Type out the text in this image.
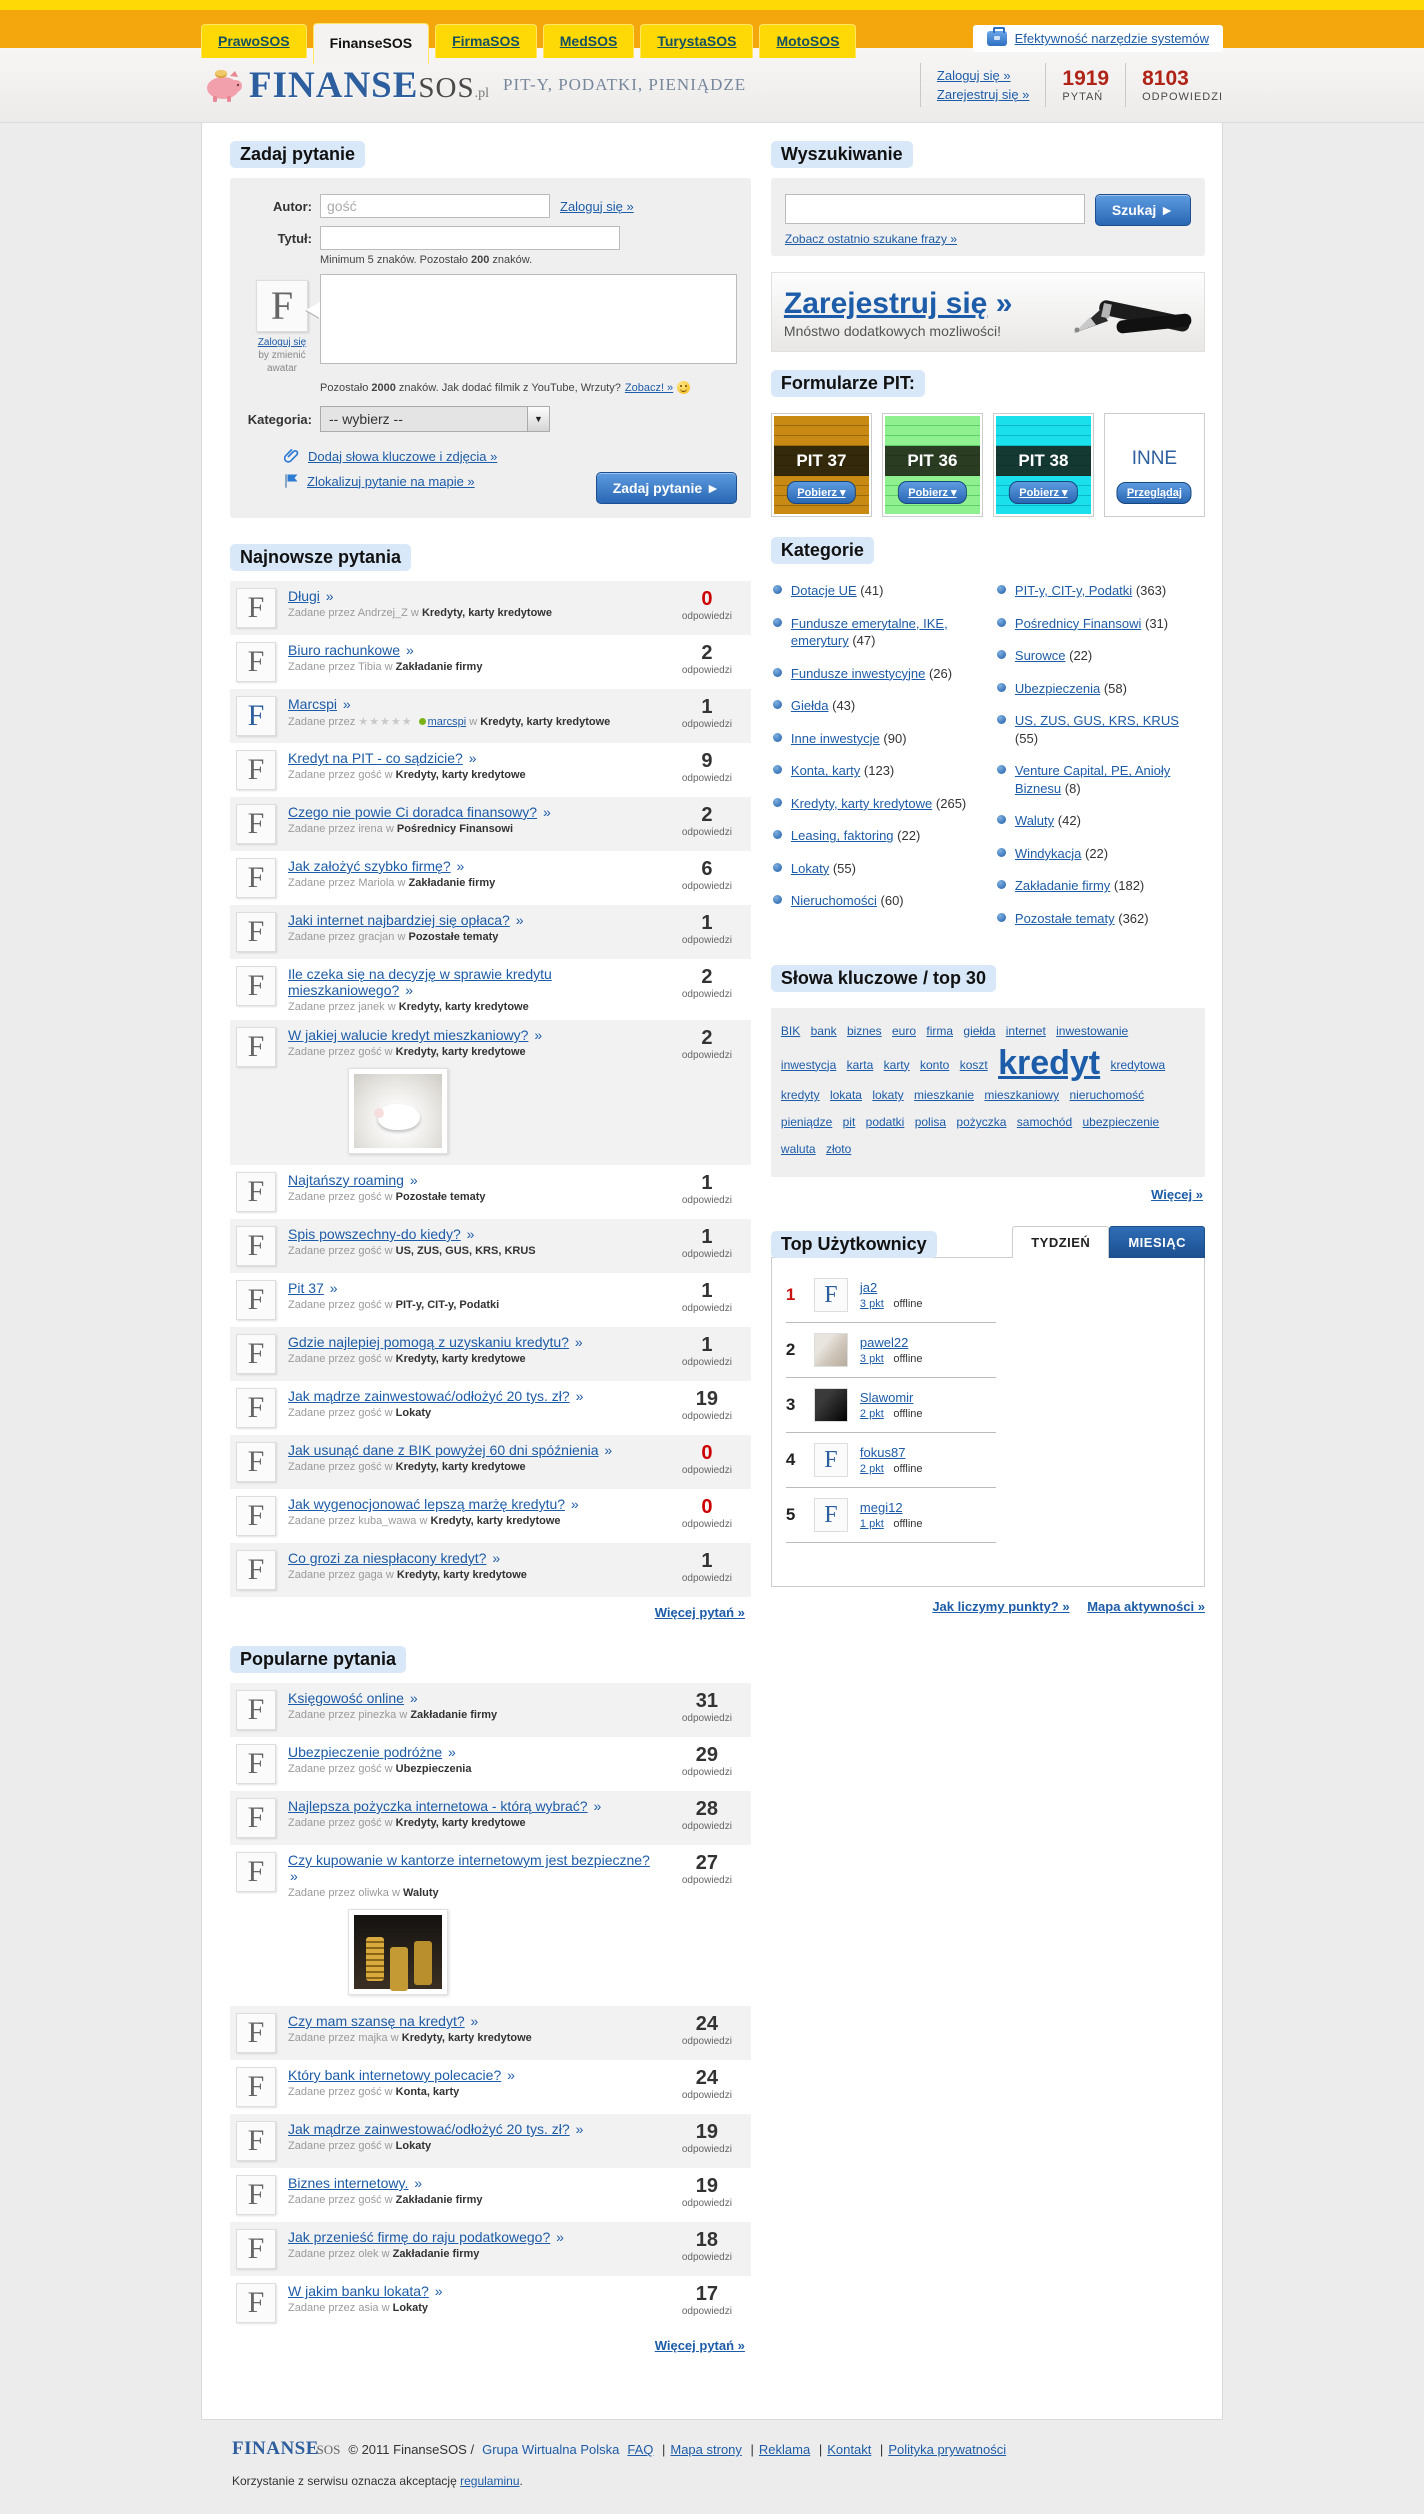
PrawoSOS	FinanseSOS	FirmaSOS	MedSOS	TurystaSOS	MotoSOS	Efektywność narzędzie systemów
FINANSE SOS .pl PIT-Y, PODATKI, PIENIĄDZE	Zaloguj się »
Zarejestruj się »
1919
PYTAŃ
8103
ODPOWIEDZI
Zadaj pytanie
Autor:
gość	Zaloguj się »
Tytuł:
Minimum 5 znaków. Pozostało 200 znaków.
F
Zaloguj się
by zmienić awatar
Pozostało 2000 znaków. Jak dodać filmik z YouTube, Wrzuty? Zobacz! »
Kategoria: -- wybierz --
▼
Dodaj słowa kluczowe i zdjęcia »
Zlokalizuj pytanie na mapie »	Zadaj pytanie ►
Najnowsze pytania
F	Długi »
Zadane przez Andrzej_Z w Kredyty, karty kredytowe
0
odpowiedzi
F	Biuro rachunkowe »
Zadane przez Tibia w Zakładanie firmy
2
odpowiedzi
F	Marcspi »
Zadane przez ★★★★★ marcspi w Kredyty, karty kredytowe
1
odpowiedzi
F	Kredyt na PIT - co sądzicie? »
Zadane przez gość w Kredyty, karty kredytowe
9
odpowiedzi
F	Czego nie powie Ci doradca finansowy? »
Zadane przez irena w Pośrednicy Finansowi
2
odpowiedzi
F	Jak założyć szybko firmę? »
Zadane przez Mariola w Zakładanie firmy
6
odpowiedzi
F	Jaki internet najbardziej się opłaca? »
Zadane przez gracjan w Pozostałe tematy
1
odpowiedzi
F	Ile czeka się na decyzję w sprawie kredytu mieszkaniowego? »
Zadane przez janek w Kredyty, karty kredytowe
2
odpowiedzi
F	W jakiej walucie kredyt mieszkaniowy? »
Zadane przez gość w Kredyty, karty kredytowe
2
odpowiedzi
F	Najtańszy roaming »
Zadane przez gość w Pozostałe tematy
1
odpowiedzi
F	Spis powszechny-do kiedy? »
Zadane przez gość w US, ZUS, GUS, KRS, KRUS
1
odpowiedzi
F	Pit 37 »
Zadane przez gość w PIT-y, CIT-y, Podatki
1
odpowiedzi
F	Gdzie najlepiej pomogą z uzyskaniu kredytu? »
Zadane przez gość w Kredyty, karty kredytowe
1
odpowiedzi
F	Jak mądrze zainwestować/odłożyć 20 tys. zł? »
Zadane przez gość w Lokaty
19
odpowiedzi
F	Jak usunąć dane z BIK powyżej 60 dni spóźnienia »
Zadane przez gość w Kredyty, karty kredytowe
0
odpowiedzi
F	Jak wygenocjonować lepszą marżę kredytu? »
Zadane przez kuba_wawa w Kredyty, karty kredytowe
0
odpowiedzi
F	Co grozi za niespłacony kredyt? »
Zadane przez gaga w Kredyty, karty kredytowe
1
odpowiedzi
Więcej pytań »
Popularne pytania
F	Księgowość online »
Zadane przez pinezka w Zakładanie firmy
31
odpowiedzi
F	Ubezpieczenie podróżne »
Zadane przez gość w Ubezpieczenia
29
odpowiedzi
F	Najlepsza pożyczka internetowa - którą wybrać? »
Zadane przez gość w Kredyty, karty kredytowe
28
odpowiedzi
F	Czy kupowanie w kantorze internetowym jest bezpieczne? »
Zadane przez oliwka w Waluty
27
odpowiedzi
F	Czy mam szansę na kredyt? »
Zadane przez majka w Kredyty, karty kredytowe
24
odpowiedzi
F	Który bank internetowy polecacie? »
Zadane przez gość w Konta, karty
24
odpowiedzi
F	Jak mądrze zainwestować/odłożyć 20 tys. zł? »
Zadane przez gość w Lokaty
19
odpowiedzi
F	Biznes internetowy. »
Zadane przez gość w Zakładanie firmy
19
odpowiedzi
F	Jak przenieść firmę do raju podatkowego? »
Zadane przez olek w Zakładanie firmy
18
odpowiedzi
F	W jakim banku lokata? »
Zadane przez asia w Lokaty
17
odpowiedzi
Więcej pytań »
Wyszukiwanie
Szukaj ►
Zobacz ostatnio szukane frazy »
Zarejestruj się »
Mnóstwo dodatkowych mozliwości!
Formularze PIT:
PIT 37
Pobierz ▾
PIT 36
Pobierz ▾
PIT 38
Pobierz ▾
INNE
Przeglądaj
Kategorie
Dotacje UE (41)
Fundusze emerytalne, IKE, emerytury (47)
Fundusze inwestycyjne (26)
Giełda (43)
Inne inwestycje (90)
Konta, karty (123)
Kredyty, karty kredytowe (265)
Leasing, faktoring (22)
Lokaty (55)
Nieruchomości (60)
PIT-y, CIT-y, Podatki (363)
Pośrednicy Finansowi (31)
Surowce (22)
Ubezpieczenia (58)
US, ZUS, GUS, KRS, KRUS (55)
Venture Capital, PE, Anioły Biznesu (8)
Waluty (42)
Windykacja (22)
Zakładanie firmy (182)
Pozostałe tematy (362)
Słowa kluczowe / top 30
BIK bank biznes euro firma giełda internet inwestowanie inwestycja karta karty konto koszt kredyt kredytowa kredyty lokata lokaty mieszkanie mieszkaniowy nieruchomość pieniądze pit podatki polisa pożyczka samochód ubezpieczenie waluta złoto
Więcej »
Top Użytkownicy	TYDZIEŃ	MIESIĄC
1	F	ja2
3 pkt offline
2	pawel22
3 pkt offline
3	Slawomir
2 pkt offline
4	F	fokus87
2 pkt offline
5	F	megi12
1 pkt offline
Jak liczymy punkty? » Mapa aktywności »
FINANSE SOS © 2011 FinanseSOS / Grupa Wirtualna Polska FAQ |	Mapa strony |	Reklama |	Kontakt |	Polityka prywatności
Korzystanie z serwisu oznacza akceptację regulaminu.
